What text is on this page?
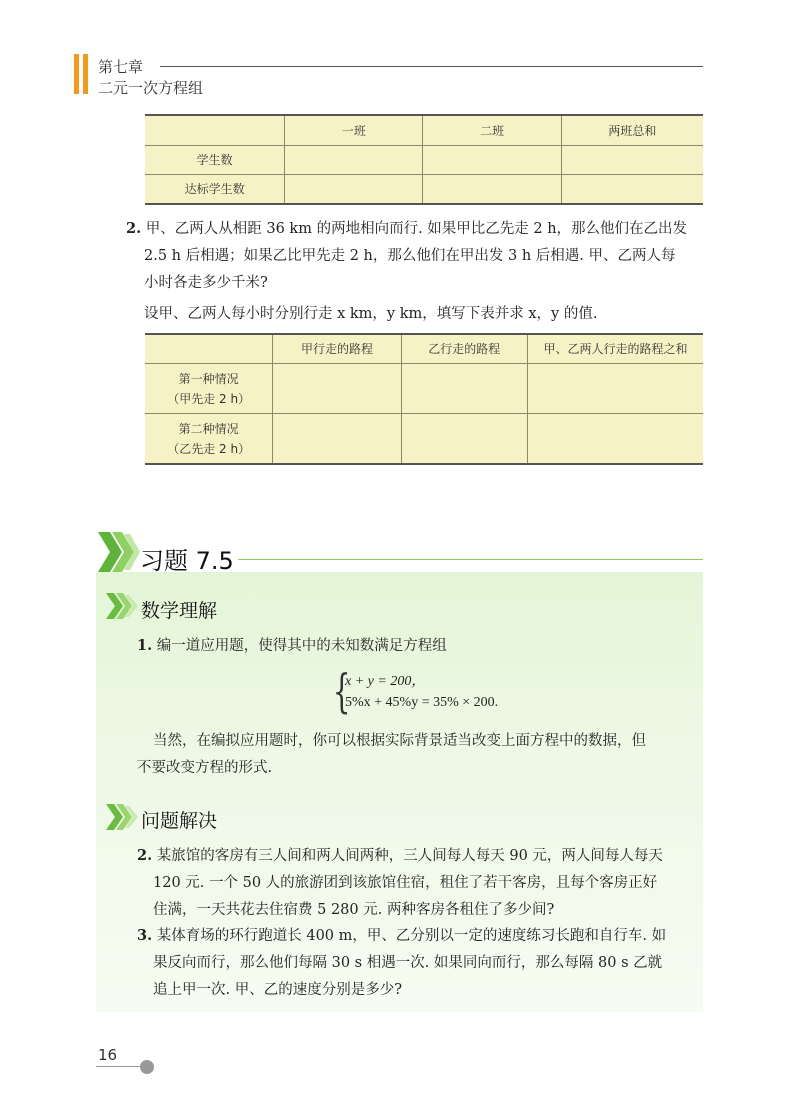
第七章
二元一次方程组
	一班	二班	两班总和
学生数			
达标学生数			
2. 甲、乙两人从相距 36 km 的两地相向而行. 如果甲比乙先走 2 h，那么他们在乙出发
2.5 h 后相遇；如果乙比甲先走 2 h，那么他们在甲出发 3 h 后相遇. 甲、乙两人每
小时各走多少千米?
设甲、乙两人每小时分别行走 x km，y km，填写下表并求 x，y 的值.
	甲行走的路程	乙行走的路程	甲、乙两人行走的路程之和

第一种情况
（甲先走 2 h）			

第二种情况
（乙先走 2 h）			

习题 7.5
数学理解
1. 编一道应用题，使得其中的未知数满足方程组
{
x + y = 200，
5%x + 45%y = 35% × 200.
当然，在编拟应用题时，你可以根据实际背景适当改变上面方程中的数据，但
不要改变方程的形式.
问题解决
2. 某旅馆的客房有三人间和两人间两种，三人间每人每天 90 元，两人间每人每天
120 元. 一个 50 人的旅游团到该旅馆住宿，租住了若干客房，且每个客房正好
住满，一天共花去住宿费 5 280 元. 两种客房各租住了多少间?
3. 某体育场的环行跑道长 400 m，甲、乙分别以一定的速度练习长跑和自行车. 如
果反向而行，那么他们每隔 30 s 相遇一次. 如果同向而行，那么每隔 80 s 乙就
追上甲一次. 甲、乙的速度分别是多少?
16
